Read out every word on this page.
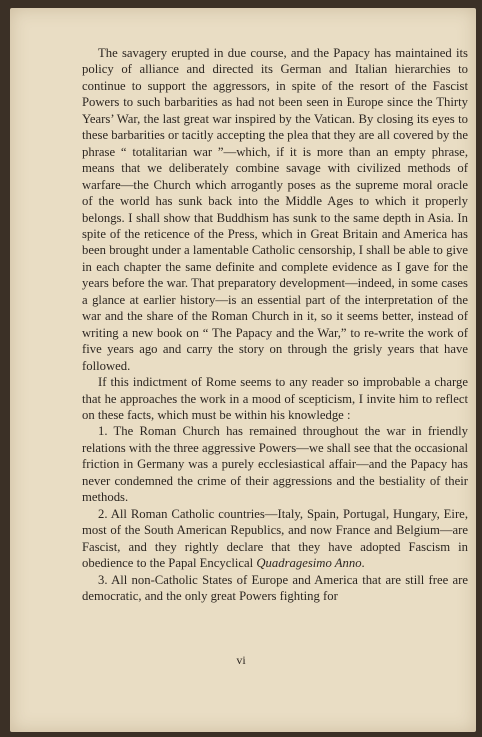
The savagery erupted in due course, and the Papacy has maintained its policy of alliance and directed its German and Italian hierarchies to continue to support the aggressors, in spite of the resort of the Fascist Powers to such barbarities as had not been seen in Europe since the Thirty Years’ War, the last great war inspired by the Vatican. By closing its eyes to these barbarities or tacitly accepting the plea that they are all covered by the phrase “ totalitarian war ”—which, if it is more than an empty phrase, means that we deliberately combine savage with civilized methods of warfare—the Church which arrogantly poses as the supreme moral oracle of the world has sunk back into the Middle Ages to which it properly belongs. I shall show that Buddhism has sunk to the same depth in Asia. In spite of the reticence of the Press, which in Great Britain and America has been brought under a lamentable Catholic censorship, I shall be able to give in each chapter the same definite and complete evidence as I gave for the years before the war. That preparatory development—indeed, in some cases a glance at earlier history—is an essential part of the interpretation of the war and the share of the Roman Church in it, so it seems better, instead of writing a new book on “ The Papacy and the War,” to re-write the work of five years ago and carry the story on through the grisly years that have followed.

If this indictment of Rome seems to any reader so improbable a charge that he approaches the work in a mood of scepticism, I invite him to reflect on these facts, which must be within his knowledge :

1. The Roman Church has remained throughout the war in friendly relations with the three aggressive Powers—we shall see that the occasional friction in Germany was a purely ecclesiastical affair—and the Papacy has never condemned the crime of their aggressions and the bestiality of their methods.

2. All Roman Catholic countries—Italy, Spain, Portugal, Hungary, Eire, most of the South American Republics, and now France and Belgium—are Fascist, and they rightly declare that they have adopted Fascism in obedience to the Papal Encyclical Quadragesimo Anno.

3. All non-Catholic States of Europe and America that are still free are democratic, and the only great Powers fighting for

vi
